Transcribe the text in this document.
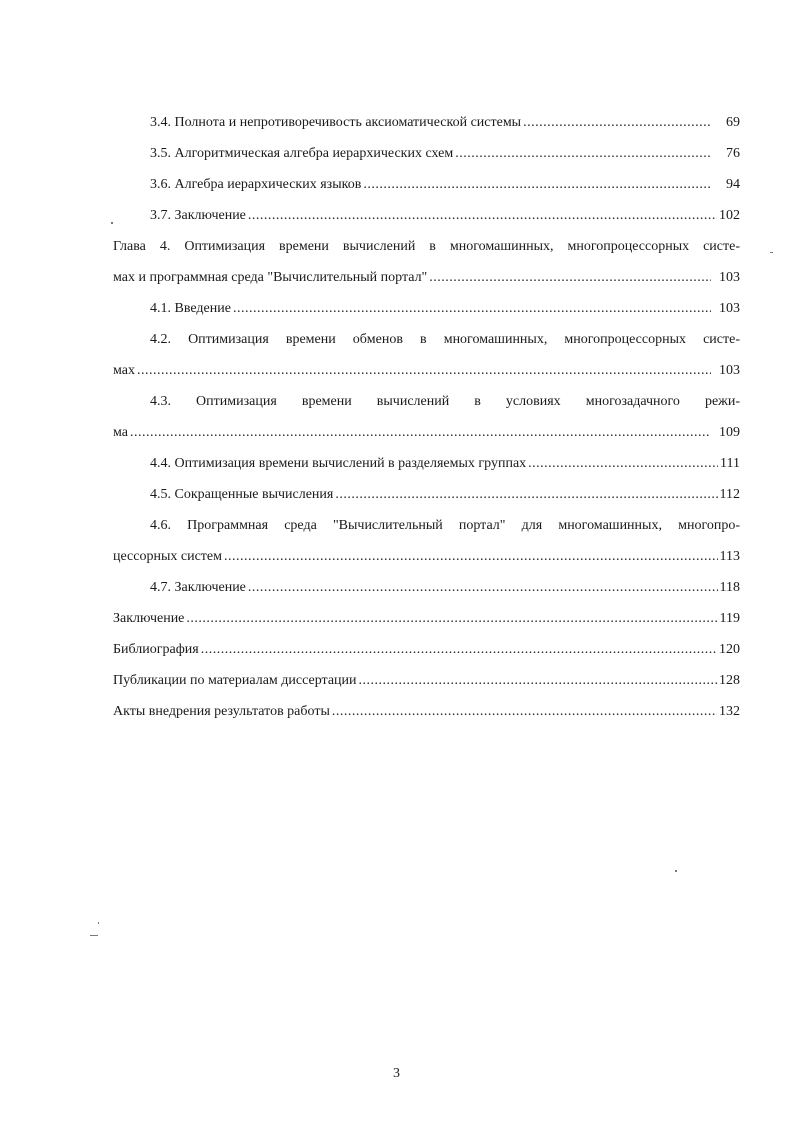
3.4. Полнота и непротиворечивость аксиоматической системы .....	69
3.5. Алгоритмическая алгебра иерархических схем .....	76
3.6. Алгебра иерархических языков .....	94
3.7. Заключение .....	102
Глава 4. Оптимизация времени вычислений в многомашинных, многопроцессорных систе-
мах и программная среда "Вычислительный портал" .....	103
4.1. Введение .....	103
4.2. Оптимизация времени обменов в многомашинных, многопроцессорных систе-
мах .....	103
4.3. Оптимизация времени вычислений в условиях многозадачного режи-
ма .....	109
4.4. Оптимизация времени вычислений в разделяемых группах .....	111
4.5. Сокращенные вычисления .....	112
4.6. Программная среда "Вычислительный портал" для многомашинных, многопро-
цессорных систем .....	113
4.7. Заключение .....	118
Заключение .....	119
Библиография .....	120
Публикации по материалам диссертации .....	128
Акты внедрения результатов работы .....	132
3
